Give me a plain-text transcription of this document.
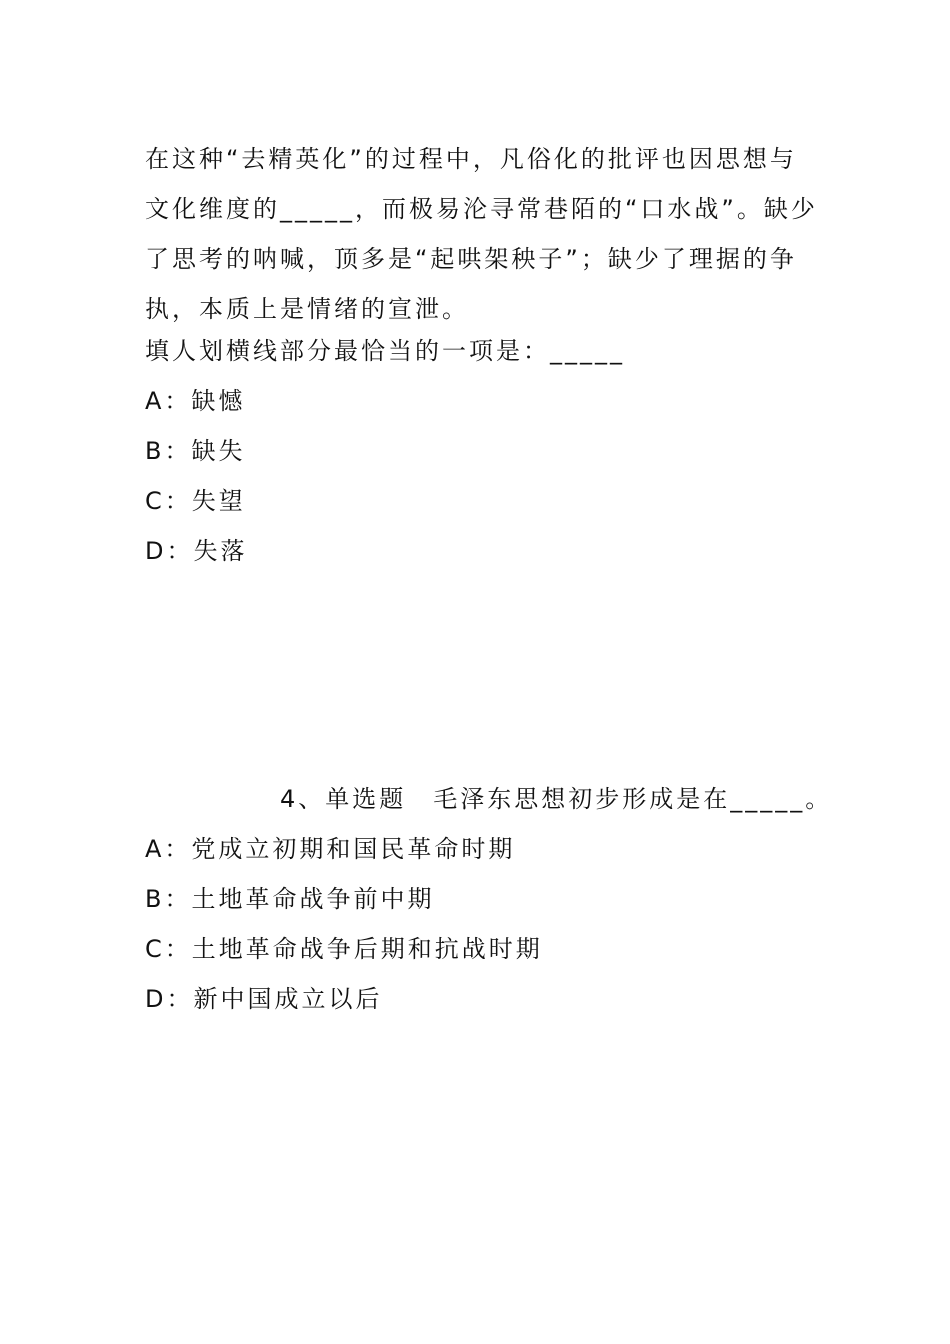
在这种“去精英化”的过程中，凡俗化的批评也因思想与
文化维度的_____，而极易沦寻常巷陌的“口水战”。缺少
了思考的呐喊，顶多是“起哄架秧子”；缺少了理据的争
执，本质上是情绪的宣泄。
填人划横线部分最恰当的一项是：_____
A：缺憾
B：缺失
C：失望
D：失落
4、单选题　毛泽东思想初步形成是在_____。
A：党成立初期和国民革命时期
B：土地革命战争前中期
C：土地革命战争后期和抗战时期
D：新中国成立以后
